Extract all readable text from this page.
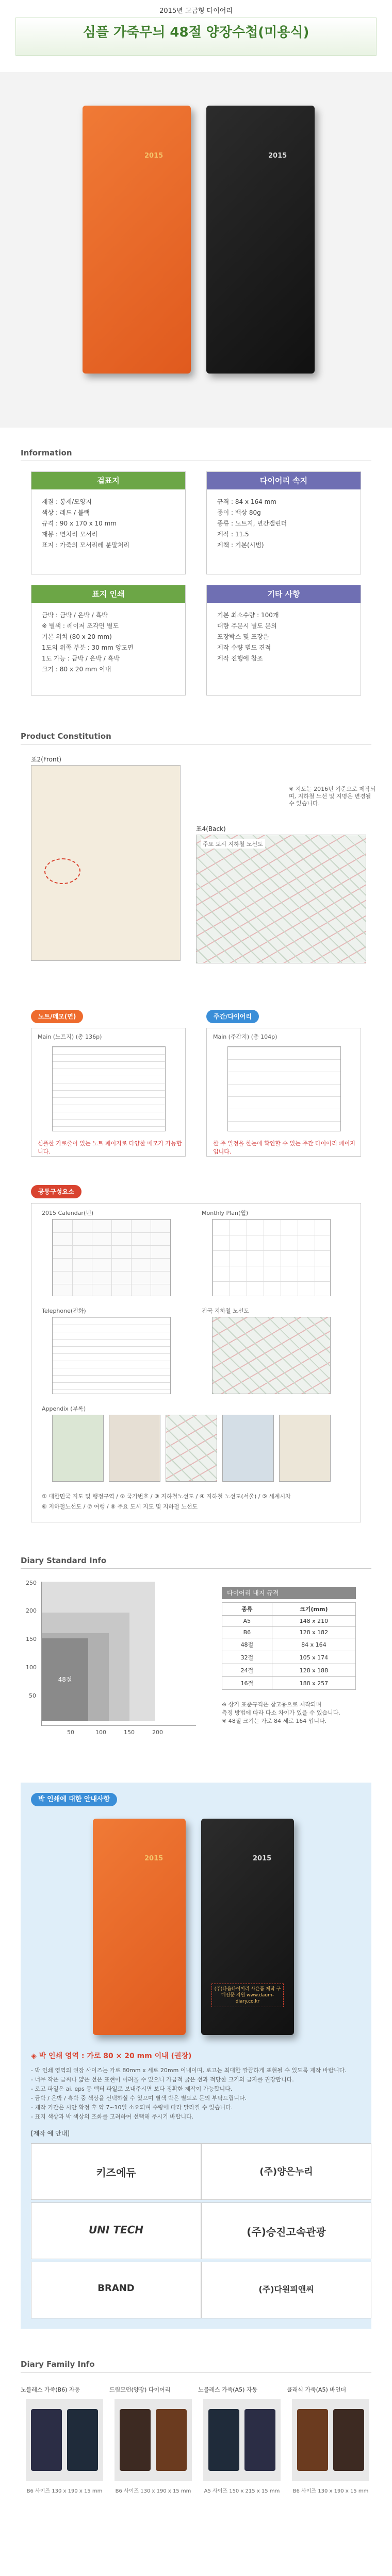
2015년 고급형 다이어리
심플 가죽무늬 48절 양장수첩(미용식)
2015	2015
Information
겉표지
재질 : 봉제/모양지
색상 : 레드 / 블랙
규격 : 90 x 170 x 10 mm
재봉 : 면처리 모서리
표지 : 가죽의 모서리레 분말처리
다이어리 속지
규격 : 84 x 164 mm
종이 : 백상 80g
종류 : 노트지, 년간캘린더
제작 : 11.5
제책 : 기본(시범)
표지 인쇄
금박 : 금박 / 은박 / 흑박
※ 별색 : 레이저 조각면 별도
기본 위치 (80 x 20 mm)
1도의 위쪽 부분 : 30 mm 양도면
1도 가능 : 금박 / 은박 / 흑박
크기 : 80 x 20 mm 이내
기타 사항
기본 최소수량 : 100개
대량 주문시 별도 문의
포장박스 및 포장은
제작 수량 별도 견적
제작 진행에 참조
Product Constitution
표2(Front)
※ 지도는 2016년 기준으로 제작되며, 지하철 노선 및 지명은 변경될 수 있습니다.
표4(Back)
주요 도시 지하철 노선도
노트/메모(면)	주간/다이어리
Main (노트지) (총 136p)
심플한 가로줄이 있는 노트 페이지로 다양한 메모가 가능합니다.
Main (주간지) (총 104p)
한 주 일정을 한눈에 확인할 수 있는 주간 다이어리 페이지입니다.
공통구성요소
2015 Calendar(년)	Monthly Plan(월)
Telephone(전화)	전국 지하철 노선도
Appendix (부록)
① 대한민국 지도 및 행정구역 / ② 국가번호 / ③ 지하철노선도 / ④ 지하철 노선도(서울) / ⑤ 세계시차
⑥ 지하철노선도 / ⑦ 여행 / ⑧ 주요 도시 지도 및 지하철 노선도
Diary Standard Info
48절
250
200
150
100
50
50	100	150	200
다이어리 내지 규격
종류	크기(mm)
A5	148 x 210
B6	128 x 182
48절	84 x 164
32절	105 x 174
24절	128 x 188
16절	188 x 257
※ 상기 표준규격은 참고용으로 제작되며
측정 방법에 따라 다소 차이가 있을 수 있습니다.
※ 48절 크기는 가로 84 세로 164 입니다.
박 인쇄에 대한 안내사항
2015	2015
(주)다음다이어리 사은품 제작 구매전문 지원 www.daum-diary.co.kr
◈ 박 인쇄 영역 : 가로 80 × 20 mm 이내 (권장)
- 박 인쇄 영역의 권장 사이즈는 가로 80mm x 세로 20mm 이내이며, 로고는 최대한 깔끔하게 표현될 수 있도록 제작 바랍니다.
- 너무 작은 글씨나 얇은 선은 표현이 어려울 수 있으니 가급적 굵은 선과 적당한 크기의 글자를 권장합니다.
- 로고 파일은 ai, eps 등 벡터 파일로 보내주시면 보다 정확한 제작이 가능합니다.
- 금박 / 은박 / 흑박 중 색상을 선택하실 수 있으며 별색 박은 별도로 문의 부탁드립니다.
- 제작 기간은 시안 확정 후 약 7~10일 소요되며 수량에 따라 달라질 수 있습니다.
- 표지 색상과 박 색상의 조화를 고려하여 선택해 주시기 바랍니다.
[제작 예 안내]
키즈에듀	(주)양은누리
UNI TECH	(주)승진고속관광
BRAND	(주)다원피앤씨
Diary Family Info
노블레스 가죽(B6) 자동
B6 사이즈 130 x 190 x 15 mm
드림모던(양장) 다이어리
B6 사이즈 130 x 190 x 15 mm
노블레스 가죽(A5) 자동
A5 사이즈 150 x 215 x 15 mm
클래식 가죽(A5) 바인더
B6 사이즈 130 x 190 x 15 mm
